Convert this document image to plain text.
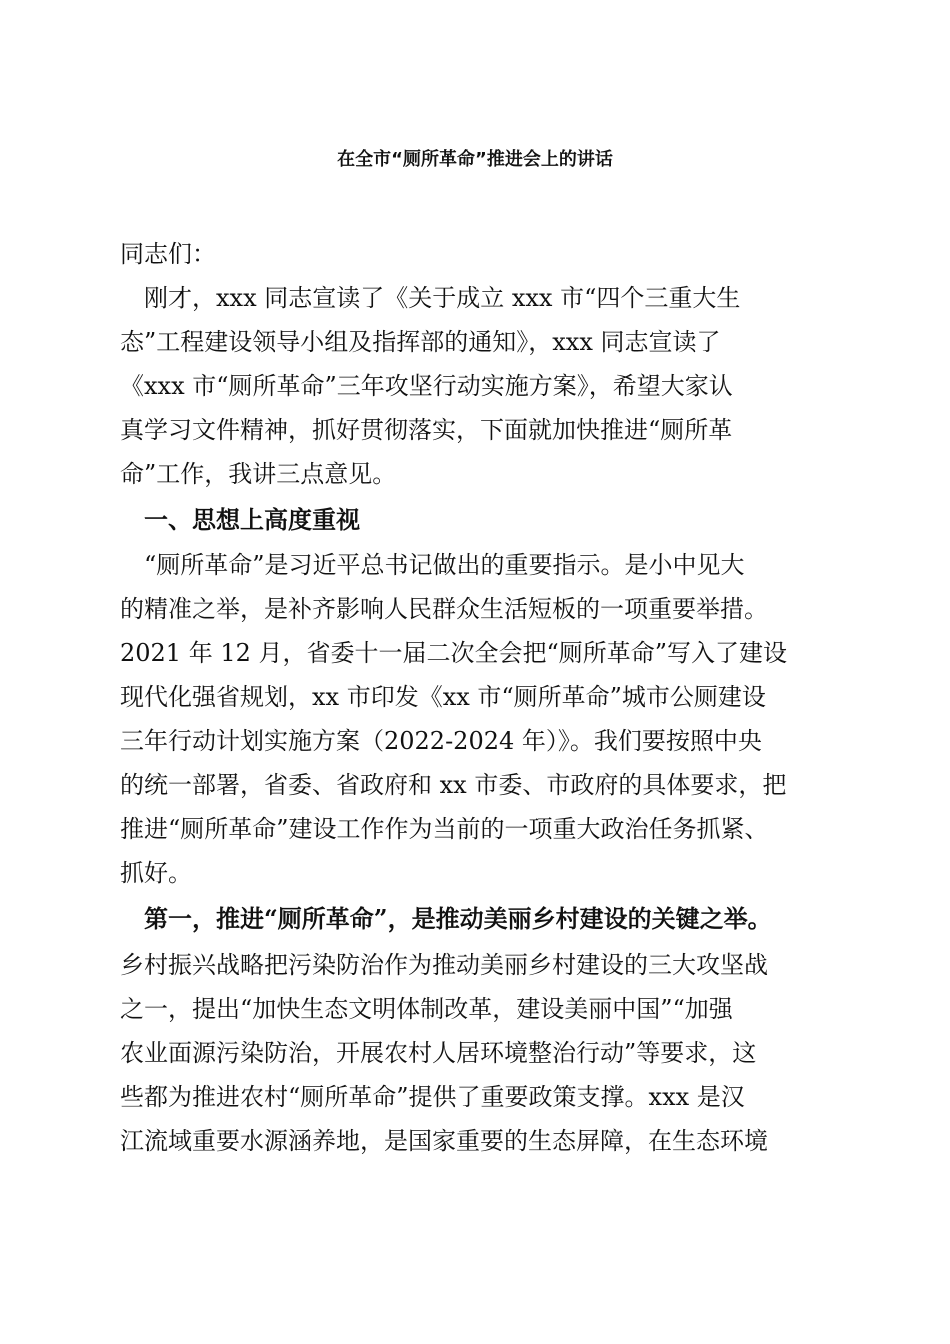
在全市“厕所革命”推进会上的讲话
同志们：
　刚才，xxx 同志宣读了《关于成立 xxx 市“四个三重大生
态”工程建设领导小组及指挥部的通知》，xxx 同志宣读了
《xxx 市“厕所革命”三年攻坚行动实施方案》，希望大家认
真学习文件精神，抓好贯彻落实，下面就加快推进“厕所革
命”工作，我讲三点意见。
　一、思想上高度重视
　“厕所革命”是习近平总书记做出的重要指示。是小中见大
的精准之举，是补齐影响人民群众生活短板的一项重要举措。
2021 年 12 月，省委十一届二次全会把“厕所革命”写入了建设
现代化强省规划，xx 市印发《xx 市“厕所革命”城市公厕建设
三年行动计划实施方案（2022-2024 年）》。我们要按照中央
的统一部署，省委、省政府和 xx 市委、市政府的具体要求，把
推进“厕所革命”建设工作作为当前的一项重大政治任务抓紧、
抓好。
　第一，推进“厕所革命”，是推动美丽乡村建设的关键之举。
乡村振兴战略把污染防治作为推动美丽乡村建设的三大攻坚战
之一，提出“加快生态文明体制改革，建设美丽中国”“加强
农业面源污染防治，开展农村人居环境整治行动”等要求，这
些都为推进农村“厕所革命”提供了重要政策支撑。xxx 是汉
江流域重要水源涵养地，是国家重要的生态屏障，在生态环境
